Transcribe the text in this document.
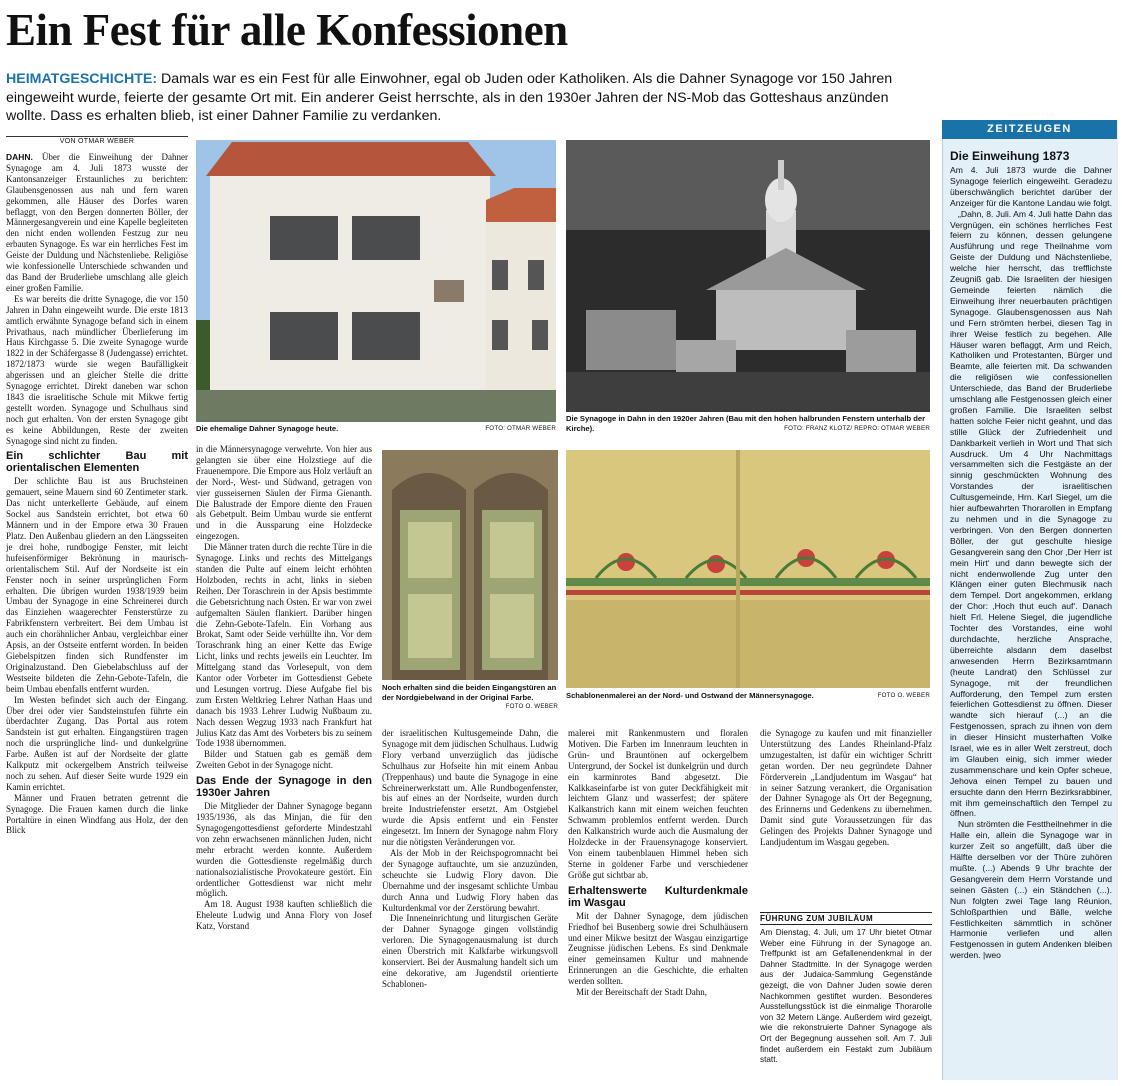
Ein Fest für alle Konfessionen
HEIMATGESCHICHTE: Damals war es ein Fest für alle Einwohner, egal ob Juden oder Katholiken. Als die Dahner Synagoge vor 150 Jahren eingeweiht wurde, feierte der gesamte Ort mit. Ein anderer Geist herrschte, als in den 1930er Jahren der NS-Mob das Gotteshaus anzünden wollte. Dass es erhalten blieb, ist einer Dahner Familie zu verdanken.
VON OTMAR WEBER

DAHN. Über die Einweihung der Dahner Synagoge am 4. Juli 1873 wusste der Kantonsanzeiger Erstaunliches zu berichten: Glaubensgenossen aus nah und fern waren gekommen, alle Häuser des Dorfes waren beflaggt, von den Bergen donnerten Böller, der Männergesangverein und eine Kapelle begleiteten den nicht enden wollenden Festzug zur neu erbauten Synagoge. Es war ein herrliches Fest im Geiste der Duldung und Nächstenliebe. Religiöse wie konfessionelle Unterschiede schwanden und das Band der Bruderliebe umschlang alle gleich einer großen Familie.

Es war bereits die dritte Synagoge, die vor 150 Jahren in Dahn eingeweiht wurde. Die erste 1813 amtlich erwähnte Synagoge befand sich in einem Privathaus, nach mündlicher Überlieferung im Haus Kirchgasse 5. Die zweite Synagoge wurde 1822 in der Schäfergasse 8 (Judengasse) errichtet. 1872/1873 wurde sie wegen Baufälligkeit abgerissen und an gleicher Stelle die dritte Synagoge errichtet. Direkt daneben war schon 1843 die israelitische Schule mit Mikwe fertig gestellt worden. Synagoge und Schulhaus sind noch gut erhalten. Von der ersten Synagoge gibt es keine Abbildungen, Reste der zweiten Synagoge sind nicht zu finden.

Ein schlichter Bau mit orientalischen Elementen

Der schlichte Bau ist aus Bruchsteinen gemauert, seine Mauern sind 60 Zentimeter stark. Das nicht unterkellerte Gebäude, auf einem Sockel aus Sandstein errichtet, bot etwa 60 Männern und in der Empore etwa 30 Frauen Platz. Den Außenbau gliedern an den Längsseiten je drei hohe, rundbogige Fenster, mit leicht hufeisenförmiger Bekrönung in maurisch-orientalischem Stil. Auf der Nordseite ist ein Fenster noch in seiner ursprünglichen Form erhalten. Die übrigen wurden 1938/1939 beim Umbau der Synagoge in eine Schreinerei durch das Einziehen waagerechter Fensterstürze zu Fabrikfenstern verbreitert. Bei dem Umbau ist auch ein chorähnlicher Anbau, vergleichbar einer Apsis, an der Ostseite entfernt worden. In beiden Giebelspitzen finden sich Rundfenster im Originalzustand. Den Giebelabschluss auf der Westseite bildeten die Zehn-Gebote-Tafeln, die beim Umbau ebenfalls entfernt wurden.

Im Westen befindet sich auch der Eingang. Über drei oder vier Sandsteinstufen führte ein überdachter Zugang. Das Portal aus rotem Sandstein ist gut erhalten. Eingangstüren tragen noch die ursprüngliche lind- und dunkelgrüne Farbe. Außen ist auf der Nordseite der glatte Kalkputz mit ockergelbem Anstrich teilweise noch zu sehen. Auf dieser Seite wurde 1929 ein Kamin errichtet.

Männer und Frauen betraten getrennt die Synagoge. Die Frauen kamen durch die linke Portaltüre in einen Windfang aus Holz, der den Blick

Die ehemalige Dahner Synagoge heute.	FOTO: OTMAR WEBER
Die Synagoge in Dahn in den 1920er Jahren (Bau mit den hohen halbrunden Fenstern unterhalb der Kirche).	FOTO: FRANZ KLOTZ/ REPRO: OTMAR WEBER

in die Männersynagoge verwehrte. Von hier aus gelangten sie über eine Holzstiege auf die Frauenempore. Die Empore aus Holz verläuft an der Nord-, West- und Südwand, getragen von vier gusseisernen Säulen der Firma Gienanth. Die Balustrade der Empore diente den Frauen als Gebetpult. Beim Umbau wurde sie entfernt und in die Aussparung eine Holzdecke eingezogen.

Die Männer traten durch die rechte Türe in die Synagoge. Links und rechts des Mittelgangs standen die Pulte auf einem leicht erhöhten Holzboden, rechts in acht, links in sieben Reihen. Der Toraschrein in der Apsis bestimmte die Gebetsrichtung nach Osten. Er war von zwei aufgemalten Säulen flankiert. Darüber hingen die Zehn-Gebote-Tafeln. Ein Vorhang aus Brokat, Samt oder Seide verhüllte ihn. Vor dem Toraschrank hing an einer Kette das Ewige Licht, links und rechts jeweils ein Leuchter. Im Mittelgang stand das Vorlesepult, von dem Kantor oder Vorbeter im Gottesdienst Gebete und Lesungen vortrug. Diese Aufgabe fiel bis zum Ersten Weltkrieg Lehrer Nathan Haas und danach bis 1933 Lehrer Ludwig Nußbaum zu. Nach dessen Wegzug 1933 nach Frankfurt hat Julius Katz das Amt des Vorbeters bis zu seinem Tode 1938 übernommen.

Bilder und Statuen gab es gemäß dem Zweiten Gebot in der Synagoge nicht.

Das Ende der Synagoge in den 1930er Jahren

Die Mitglieder der Dahner Synagoge begann 1935/1936, als das Minjan, die für den Synagogengottesdienst geforderte Mindestzahl von zehn erwachsenen männlichen Juden, nicht mehr erbracht werden konnte. Außerdem wurden die Gottesdienste regelmäßig durch nationalsozialistische Provokateure gestört. Ein ordentlicher Gottesdienst war nicht mehr möglich.

Am 18. August 1938 kauften schließlich die Eheleute Ludwig und Anna Flory von Josef Katz, Vorstand

Noch erhalten sind die beiden Eingangstüren an der Nordgiebelwand in der Original Farbe.
FOTO O. WEBER
Schablonenmalerei an der Nord- und Ostwand der Männersynagoge.	FOTO O. WEBER

der israelitischen Kultusgemeinde Dahn, die Synagoge mit dem jüdischen Schulhaus. Ludwig Flory verband unverzüglich das jüdische Schulhaus zur Hofseite hin mit einem Anbau (Treppenhaus) und baute die Synagoge in eine Schreinerwerkstatt um. Alle Rundbogenfenster, bis auf eines an der Nordseite, wurden durch breite Industriefenster ersetzt. Am Ostgiebel wurde die Apsis entfernt und ein Fenster eingesetzt. Im Innern der Synagoge nahm Flory nur die nötigsten Veränderungen vor.

Als der Mob in der Reichspogromnacht bei der Synagoge auftauchte, um sie anzuzünden, scheuchte sie Ludwig Flory davon. Die Übernahme und der insgesamt schlichte Umbau durch Anna und Ludwig Flory haben das Kulturdenkmal vor der Zerstörung bewahrt.

Die Inneneinrichtung und liturgischen Geräte der Dahner Synagoge gingen vollständig verloren. Die Synagogenausmalung ist durch einen Überstrich mit Kalkfarbe wirkungsvoll konserviert. Bei der Ausmalung handelt sich um eine dekorative, am Jugendstil orientierte Schablonen-

malerei mit Rankenmustern und floralen Motiven. Die Farben im Innenraum leuchten in Grün- und Brauntönen auf ockergelbem Untergrund, der Sockel ist dunkelgrün und durch ein karminrotes Band abgesetzt. Die Kalkkaseinfarbe ist von guter Deckfähigkeit mit leichtem Glanz und wasserfest; der spätere Kalkanstrich kann mit einem weichen feuchten Schwamm problemlos entfernt werden. Durch den Kalkanstrich wurde auch die Ausmalung der Holzdecke in der Frauensynagoge konserviert. Von einem taubenblauen Himmel heben sich Sterne in goldener Farbe und verschiedener Größe gut sichtbar ab.

Erhaltenswerte Kulturdenkmale im Wasgau

Mit der Dahner Synagoge, dem jüdischen Friedhof bei Busenberg sowie drei Schulhäusern und einer Mikwe besitzt der Wasgau einzigartige Zeugnisse jüdischen Lebens. Es sind Denkmale einer gemeinsamen Kultur und mahnende Erinnerungen an die Geschichte, die erhalten werden sollten.

Mit der Bereitschaft der Stadt Dahn,

die Synagoge zu kaufen und mit finanzieller Unterstützung des Landes Rheinland-Pfalz umzugestalten, ist dafür ein wichtiger Schritt getan worden. Der neu gegründete Dahner Förderverein „Landjudentum im Wasgau“ hat in seiner Satzung verankert, die Organisation der Dahner Synagoge als Ort der Begegnung, des Erinnerns und Gedenkens zu übernehmen. Damit sind gute Voraussetzungen für das Gelingen des Projekts Dahner Synagoge und Landjudentum im Wasgau gegeben.

FÜHRUNG ZUM JUBILÄUM
Am Dienstag, 4. Juli, um 17 Uhr bietet Otmar Weber eine Führung in der Synagoge an. Treffpunkt ist am Gefallenendenkmal in der Dahner Stadtmitte. In der Synagoge werden aus der Judaica-Sammlung Gegenstände gezeigt, die von Dahner Juden sowie deren Nachkommen gestiftet wurden. Besonderes Ausstellungsstück ist die einmalige Thorarolle von 32 Metern Länge. Außerdem wird gezeigt, wie die rekonstruierte Dahner Synagoge als Ort der Begegnung aussehen soll. Am 7. Juli findet außerdem ein Festakt zum Jubiläum statt.
ZEITZEUGEN
Die Einweihung 1873

Am 4. Juli 1873 wurde die Dahner Synagoge feierlich eingeweiht. Geradezu überschwänglich berichtet darüber der Anzeiger für die Kantone Landau wie folgt.

„Dahn, 8. Juli. Am 4. Juli hatte Dahn das Vergnügen, ein schönes herrliches Fest feiern zu können, dessen gelungene Ausführung und rege Theilnahme vom Geiste der Duldung und Nächstenliebe, welche hier herrscht, das trefflichste Zeugniß gab. Die Israeliten der hiesigen Gemeinde feierten nämlich die Einweihung ihrer neuerbauten prächtigen Synagoge. Glaubensgenossen aus Nah und Fern strömten herbei, diesen Tag in ihrer Weise festlich zu begehen. Alle Häuser waren beflaggt, Arm und Reich, Katholiken und Protestanten, Bürger und Beamte, alle feierten mit. Da schwanden die religiösen wie confessionellen Unterschiede, das Band der Bruderliebe umschlang alle Festgenossen gleich einer großen Familie. Die Israeliten selbst hatten solche Feier nicht geahnt, und das stille Glück der Zufriedenheit und Dankbarkeit verlieh in Wort und That sich Ausdruck. Um 4 Uhr Nachmittags versammelten sich die Festgäste an der sinnig geschmückten Wohnung des Vorstandes der israelitischen Cultusgemeinde, Hrn. Karl Siegel, um die hier aufbewahrten Thorarollen in Empfang zu nehmen und in die Synagoge zu verbringen. Von den Bergen donnerten Böller, der gut geschulte hiesige Gesangverein sang den Chor ‚Der Herr ist mein Hirt‘ und dann bewegte sich der nicht endenwollende Zug unter den Klängen einer guten Blechmusik nach dem Tempel. Dort angekommen, erklang der Chor: ‚Hoch thut euch auf‘. Danach hielt Frl. Helene Siegel, die jugendliche Tochter des Vorstandes, eine wohl durchdachte, herzliche Ansprache, überreichte alsdann dem daselbst anwesenden Herrn Bezirksamtmann (heute Landrat) den Schlüssel zur Synagoge, mit der freundlichen Aufforderung, den Tempel zum ersten feierlichen Gottesdienst zu öffnen. Dieser wandte sich hierauf (...) an die Festgenossen, sprach zu ihnen von dem in dieser Hinsicht musterhaften Volke Israel, wie es in aller Welt zerstreut, doch im Glauben einig, sich immer wieder zusammenschare und kein Opfer scheue, Jehova einen Tempel zu bauen und ersuchte dann den Herrn Bezirksrabbiner, mit ihm gemeinschaftlich den Tempel zu öffnen.

Nun strömten die Festtheilnehmer in die Halle ein, allein die Synagoge war in kurzer Zeit so angefüllt, daß über die Hälfte derselben vor der Thüre zuhören mußte. (...) Abends 9 Uhr brachte der Gesangverein dem Herrn Vorstande und seinen Gästen (...) ein Ständchen (...). Nun folgten zwei Tage lang Réunion, Schloßparthien und Bälle, welche Festlichkeiten sämmtlich in schöner Harmonie verliefen und allen Festgenossen in gutem Andenken bleiben werden. |weo
